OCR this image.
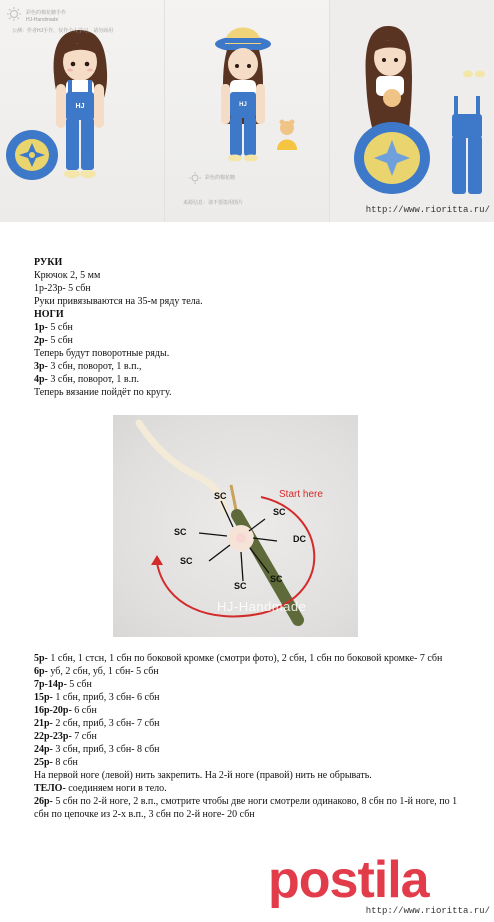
HJ
彩色的棉花糖手作
HJ-Handmade
公测：作者HJ手作，仅作个人学习，请勿商用
HJ
彩色的棉花糖
来源信息：请不要盗用图片
http://www.rioritta.ru/
РУКИ
Крючок 2, 5 мм
1р-23р- 5 сбн
Руки привязываются на 35-м ряду тела.
НОГИ
1р- 5 сбн
2р- 5 сбн
Теперь будут поворотные ряды.
3р- 3 сбн, поворот, 1 в.п.,
4р- 3 сбн, поворот, 1 в.п.
Теперь вязание пойдёт по кругу.
Start here
SC
SC
DC
SC
SC
SC
SC
HJ-Handmade
5р- 1 сбн, 1 стсн, 1 сбн по боковой кромке (смотри фото), 2 сбн, 1 сбн по боковой кромке- 7 сбн
6р- уб, 2 сбн, уб, 1 сбн- 5 сбн
7р-14р- 5 сбн
15р- 1 сбн, приб, 3 сбн- 6 сбн
16р-20р- 6 сбн
21р- 2 сбн, приб, 3 сбн- 7 сбн
22р-23р- 7 сбн
24р- 3 сбн, приб, 3 сбн- 8 сбн
25р- 8 сбн
На первой ноге (левой) нить закрепить. На 2-й ноге (правой) нить не обрывать.
ТЕЛО- соединяем ноги в тело.
26р- 5 сбн по 2-й ноге, 2 в.п., смотрите чтобы две ноги смотрели одинаково, 8 сбн по 1-й ноге, по 1 сбн по цепочке из 2-х в.п., 3 сбн по 2-й ноге- 20 сбн
postila
http://www.rioritta.ru/
